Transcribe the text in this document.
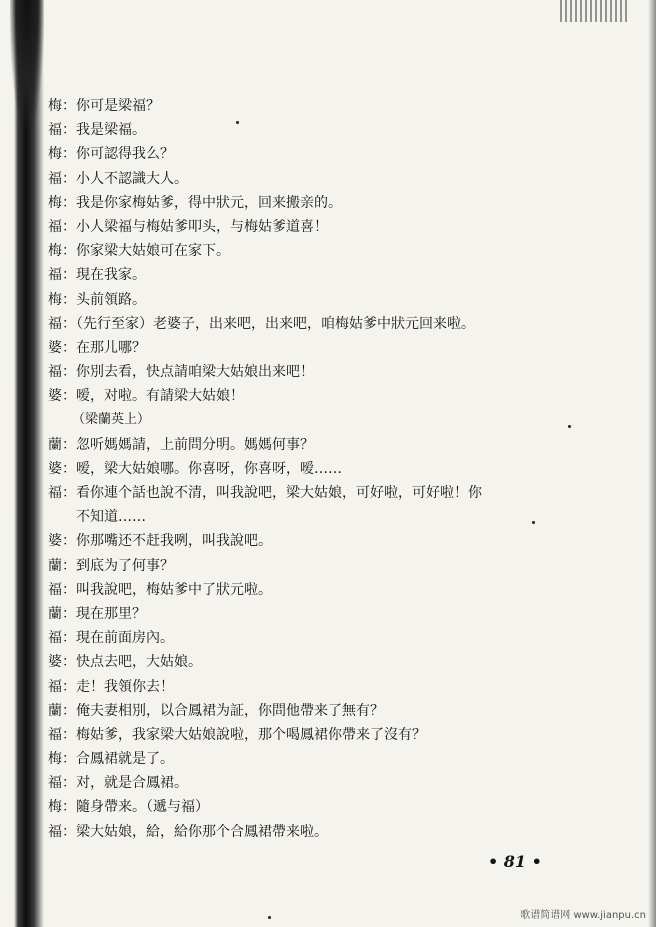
梅：你可是梁福？
福：我是梁福。
梅：你可認得我么？
福：小人不認識大人。
梅：我是你家梅姑爹，得中狀元，回来搬亲的。
福：小人梁福与梅姑爹叩头，与梅姑爹道喜！
梅：你家梁大姑娘可在家下。
福：現在我家。
梅：头前領路。
福：（先行至家）老婆子，出来吧，出来吧，咱梅姑爹中狀元回来啦。
婆：在那儿哪？
福：你別去看，快点請咱梁大姑娘出来吧！
婆：嗳，对啦。有請梁大姑娘！
（梁蘭英上）
蘭：忽听媽媽請，上前問分明。媽媽何事？
婆：嗳，梁大姑娘哪。你喜呀，你喜呀，嗳……
福：看你連个話也說不清，叫我說吧，梁大姑娘，可好啦，可好啦！你
不知道……
婆：你那嘴还不赶我咧，叫我說吧。
蘭：到底为了何事？
福：叫我說吧，梅姑爹中了狀元啦。
蘭：現在那里？
福：現在前面房內。
婆：快点去吧，大姑娘。
福：走！我領你去！
蘭：俺夫妻相別，以合鳳裙为証，你問他帶来了無有？
福：梅姑爹，我家梁大姑娘說啦，那个喝鳳裙你帶来了沒有？
梅：合鳳裙就是了。
福：对，就是合鳳裙。
梅：隨身帶来。（遞与福）
福：梁大姑娘，給，給你那个合鳳裙帶来啦。
• 81 •
歌谱简谱网 www.jianpu.cn
